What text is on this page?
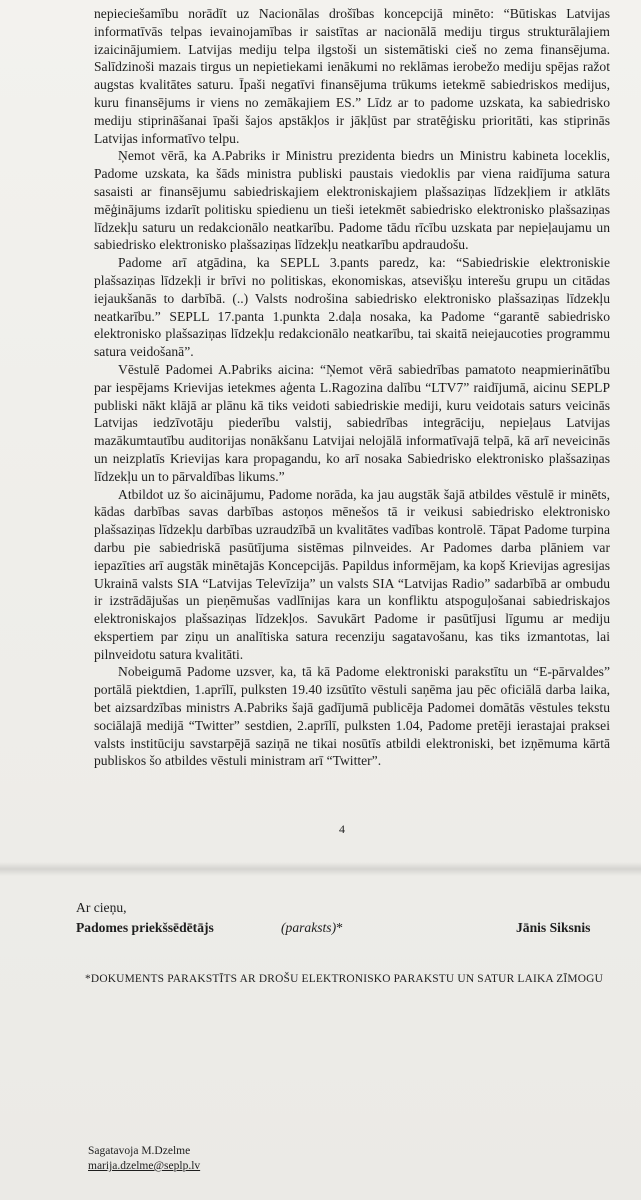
nepieciešamību norādīt uz Nacionālas drošības koncepcijā minēto: “Būtiskas Latvijas informatīvās telpas ievainojamības ir saistītas ar nacionālā mediju tirgus strukturālajiem izaicinājumiem. Latvijas mediju telpa ilgstoši un sistemātiski cieš no zema finansējuma. Salīdzinoši mazais tirgus un nepietiekami ienākumi no reklāmas ierobežo mediju spējas ražot augstas kvalitātes saturu. Īpaši negatīvi finansējuma trūkums ietekmē sabiedriskos medijus, kuru finansējums ir viens no zemākajiem ES.” Līdz ar to padome uzskata, ka sabiedrisko mediju stiprināšanai īpaši šajos apstākļos ir jākļūst par stratēģisku prioritāti, kas stiprinās Latvijas informatīvo telpu.

Ņemot vērā, ka A.Pabriks ir Ministru prezidenta biedrs un Ministru kabineta loceklis, Padome uzskata, ka šāds ministra publiski paustais viedoklis par viena raidījuma satura sasaisti ar finansējumu sabiedriskajiem elektroniskajiem plašsaziņas līdzekļiem ir atklāts mēģinājums izdarīt politisku spiedienu un tieši ietekmēt sabiedrisko elektronisko plašsaziņas līdzekļu saturu un redakcionālo neatkarību. Padome tādu rīcību uzskata par nepieļaujamu un sabiedrisko elektronisko plašsaziņas līdzekļu neatkarību apdraudošu.

Padome arī atgādina, ka SEPLL 3.pants paredz, ka: “Sabiedriskie elektroniskie plašsaziņas līdzekļi ir brīvi no politiskas, ekonomiskas, atsevišķu interešu grupu un citādas iejaukšanās to darbībā. (..) Valsts nodrošina sabiedrisko elektronisko plašsaziņas līdzekļu neatkarību.” SEPLL 17.panta 1.punkta 2.daļa nosaka, ka Padome “garantē sabiedrisko elektronisko plašsaziņas līdzekļu redakcionālo neatkarību, tai skaitā neiejaucoties programmu satura veidošanā”.

Vēstulē Padomei A.Pabriks aicina: “Ņemot vērā sabiedrības pamatoto neapmierinātību par iespējams Krievijas ietekmes aģenta L.Ragozina dalību “LTV7” raidījumā, aicinu SEPLP publiski nākt klājā ar plānu kā tiks veidoti sabiedriskie mediji, kuru veidotais saturs veicinās Latvijas iedzīvotāju piederību valstij, sabiedrības integrāciju, nepieļaus Latvijas mazākumtautību auditorijas nonākšanu Latvijai nelojālā informatīvajā telpā, kā arī neveicinās un neizplatīs Krievijas kara propagandu, ko arī nosaka Sabiedrisko elektronisko plašsaziņas līdzekļu un to pārvaldības likums.”

Atbildot uz šo aicinājumu, Padome norāda, ka jau augstāk šajā atbildes vēstulē ir minēts, kādas darbības savas darbības astoņos mēnešos tā ir veikusi sabiedrisko elektronisko plašsaziņas līdzekļu darbības uzraudzībā un kvalitātes vadības kontrolē. Tāpat Padome turpina darbu pie sabiedriskā pasūtījuma sistēmas pilnveides. Ar Padomes darba plāniem var iepazīties arī augstāk minētajās Koncepcijās. Papildus informējam, ka kopš Krievijas agresijas Ukrainā valsts SIA “Latvijas Televīzija” un valsts SIA “Latvijas Radio” sadarbībā ar ombudu ir izstrādājušas un pieņēmušas vadlīnijas kara un konfliktu atspoguļošanai sabiedriskajos elektroniskajos plašsaziņas līdzekļos. Savukārt Padome ir pasūtījusi līgumu ar mediju ekspertiem par ziņu un analītiska satura recenziju sagatavošanu, kas tiks izmantotas, lai pilnveidotu satura kvalitāti.

Nobeigumā Padome uzsver, ka, tā kā Padome elektroniski parakstītu un “E-pārvaldes” portālā piektdien, 1.aprīlī, pulksten 19.40 izsūtīto vēstuli saņēma jau pēc oficiālā darba laika, bet aizsardzības ministrs A.Pabriks šajā gadījumā publicēja Padomei domātās vēstules tekstu sociālajā medijā “Twitter” sestdien, 2.aprīlī, pulksten 1.04, Padome pretēji ierastajai praksei valsts institūciju savstarpējā saziņā ne tikai nosūtīs atbildi elektroniski, bet izņēmuma kārtā publiskos šo atbildes vēstuli ministram arī “Twitter”.

4
Ar cieņu,
Padomes priekšsēdētājs	(paraksts)*	Jānis Siksnis
*DOKUMENTS PARAKSTĪTS AR DROŠU ELEKTRONISKO PARAKSTU UN SATUR LAIKA ZĪMOGU
Sagatavoja M.Dzelme
marija.dzelme@seplp.lv
